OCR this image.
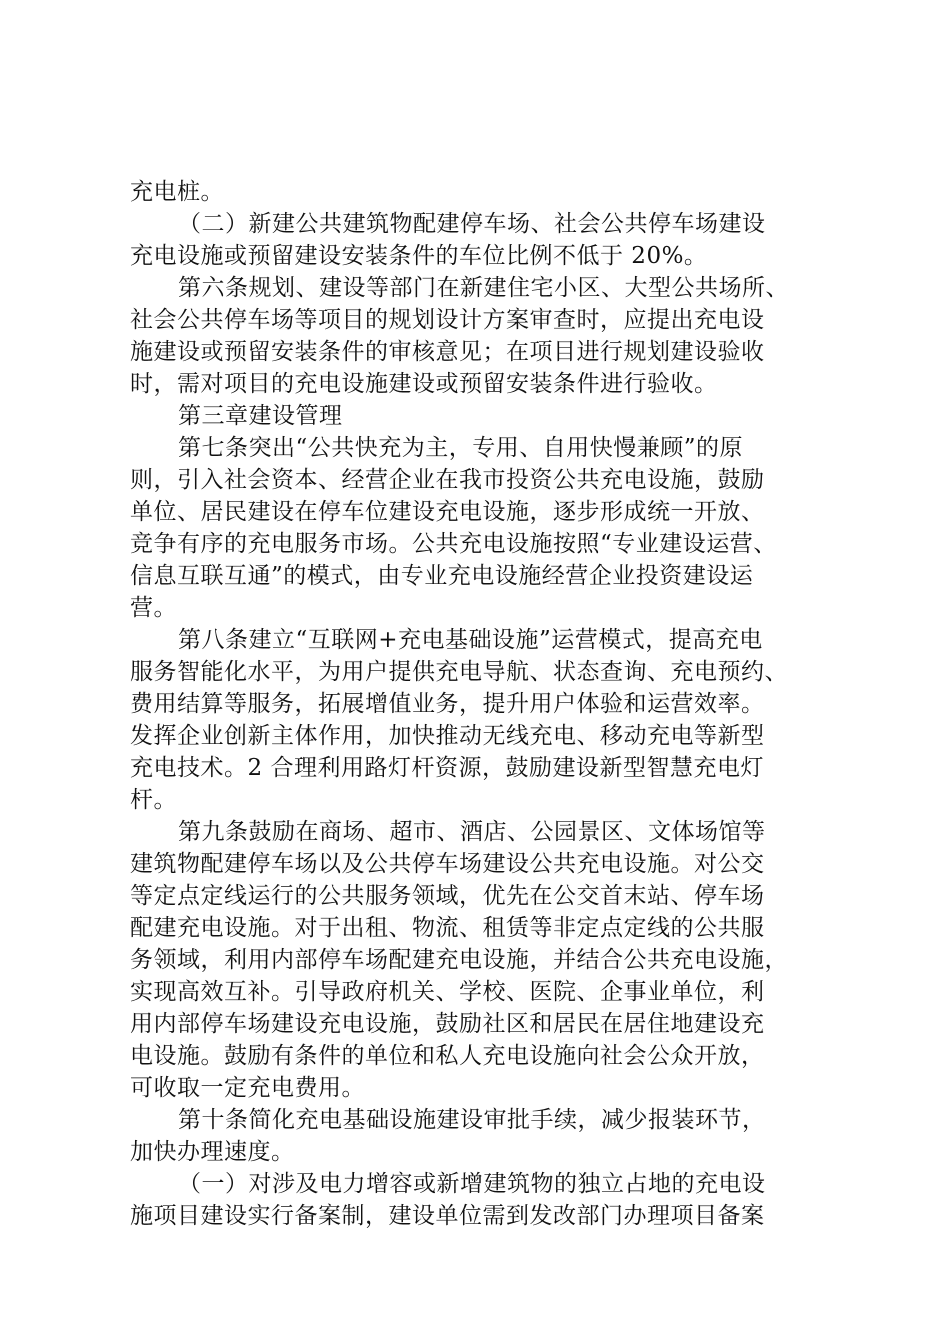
充电桩。
（二）新建公共建筑物配建停车场、社会公共停车场建设
充电设施或预留建设安装条件的车位比例不低于 20%。
第六条规划、建设等部门在新建住宅小区、大型公共场所、
社会公共停车场等项目的规划设计方案审查时，应提出充电设
施建设或预留安装条件的审核意见；在项目进行规划建设验收
时，需对项目的充电设施建设或预留安装条件进行验收。
第三章建设管理
第七条突出“公共快充为主，专用、自用快慢兼顾”的原
则，引入社会资本、经营企业在我市投资公共充电设施，鼓励
单位、居民建设在停车位建设充电设施，逐步形成统一开放、
竞争有序的充电服务市场。公共充电设施按照“专业建设运营、
信息互联互通”的模式，由专业充电设施经营企业投资建设运
营。
第八条建立“互联网+充电基础设施”运营模式，提高充电
服务智能化水平，为用户提供充电导航、状态查询、充电预约、
费用结算等服务，拓展增值业务，提升用户体验和运营效率。
发挥企业创新主体作用，加快推动无线充电、移动充电等新型
充电技术。2 合理利用路灯杆资源，鼓励建设新型智慧充电灯
杆。
第九条鼓励在商场、超市、酒店、公园景区、文体场馆等
建筑物配建停车场以及公共停车场建设公共充电设施。对公交
等定点定线运行的公共服务领域，优先在公交首末站、停车场
配建充电设施。对于出租、物流、租赁等非定点定线的公共服
务领域，利用内部停车场配建充电设施，并结合公共充电设施，
实现高效互补。引导政府机关、学校、医院、企事业单位，利
用内部停车场建设充电设施，鼓励社区和居民在居住地建设充
电设施。鼓励有条件的单位和私人充电设施向社会公众开放，
可收取一定充电费用。
第十条简化充电基础设施建设审批手续，减少报装环节，
加快办理速度。
（一）对涉及电力增容或新增建筑物的独立占地的充电设
施项目建设实行备案制，建设单位需到发改部门办理项目备案
